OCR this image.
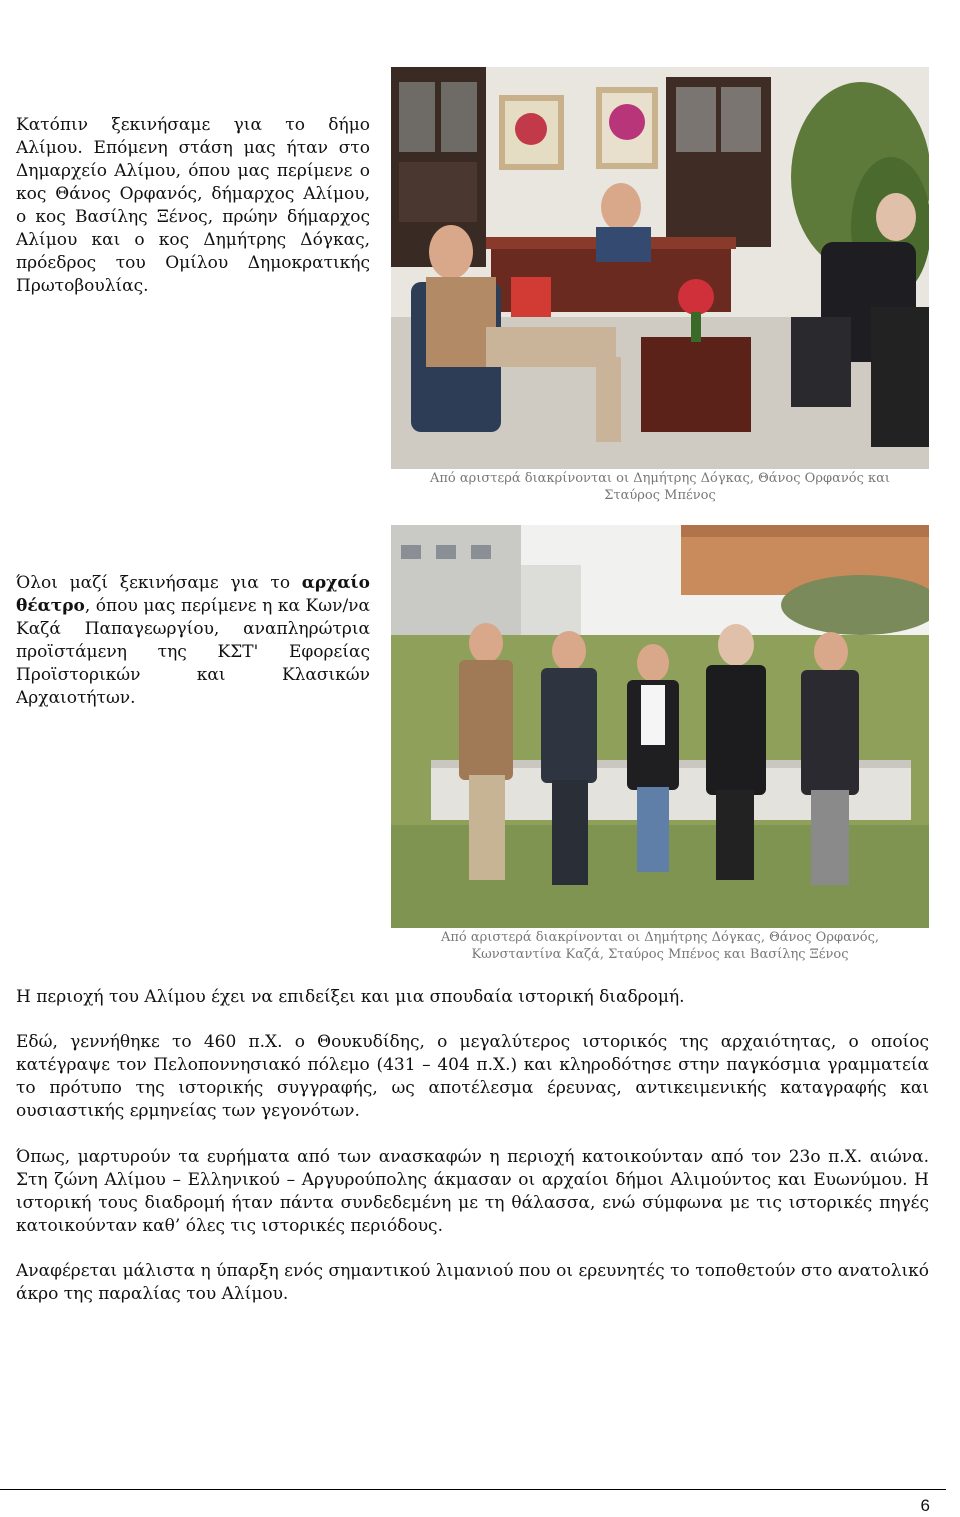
Κατόπιν ξεκινήσαμε για το δήμο Αλίμου. Επόμενη στάση μας ήταν στο Δημαρχείο Αλίμου, όπου μας περίμενε ο κος Θάνος Ορφανός, δήμαρχος Αλίμου, ο κος Βασίλης Ξένος, πρώην δήμαρχος Αλίμου και ο κος Δημήτρης Δόγκας, πρόεδρος του Ομίλου Δημοκρατικής Πρωτοβουλίας.

Από αριστερά διακρίνονται οι Δημήτρης Δόγκας, Θάνος Ορφανός και Σταύρος Μπένος

Όλοι μαζί ξεκινήσαμε για το αρχαίο θέατρο, όπου μας περίμενε η κα Κων/να Καζά Παπαγεωργίου, αναπληρώτρια προϊστάμενη της ΚΣΤ' Εφορείας Προϊστορικών και Κλασικών Αρχαιοτήτων.

Από αριστερά διακρίνονται οι Δημήτρης Δόγκας, Θάνος Ορφανός, Κωνσταντίνα Καζά, Σταύρος Μπένος και Βασίλης Ξένος

Η περιοχή του Αλίμου έχει να επιδείξει και μια σπουδαία ιστορική διαδρομή.

Εδώ, γεννήθηκε το 460 π.Χ. ο Θουκυδίδης, ο μεγαλύτερος ιστορικός της αρχαιότητας, ο οποίος κατέγραψε τον Πελοποννησιακό πόλεμο (431 – 404 π.Χ.) και κληροδότησε στην παγκόσμια γραμματεία το πρότυπο της ιστορικής συγγραφής, ως αποτέλεσμα έρευνας, αντικειμενικής καταγραφής και ουσιαστικής ερμηνείας των γεγονότων.

Όπως, μαρτυρούν τα ευρήματα από των ανασκαφών η περιοχή κατοικούνταν από τον 23ο π.Χ. αιώνα. Στη ζώνη Αλίμου – Ελληνικού – Αργυρούπολης άκμασαν οι αρχαίοι δήμοι Αλιμούντος και Ευωνύμου. Η ιστορική τους διαδρομή ήταν πάντα συνδεδεμένη με τη θάλασσα, ενώ σύμφωνα με τις ιστορικές πηγές κατοικούνταν καθ’ όλες τις ιστορικές περιόδους.

Αναφέρεται μάλιστα η ύπαρξη ενός σημαντικού λιμανιού που οι ερευνητές το τοποθετούν στο ανατολικό άκρο της παραλίας του Αλίμου.

6
